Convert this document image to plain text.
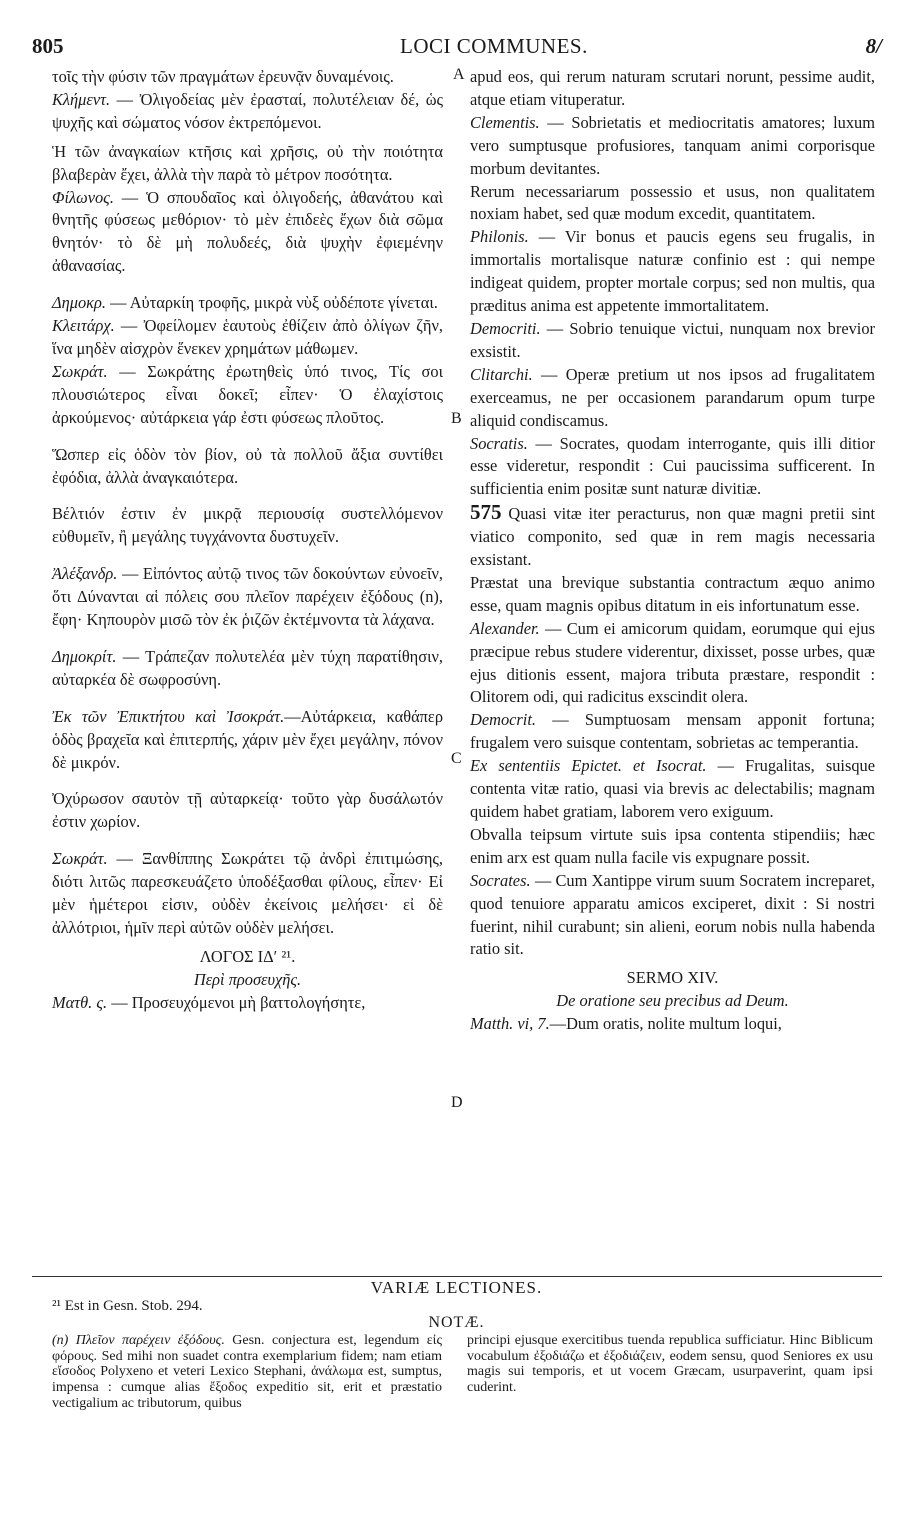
805	LOCI COMMUNES.	8/
A
B
C
D

τοῖς τὴν φύσιν τῶν πραγμάτων ἐρευνᾷν δυναμένοις.

Κλήμεντ. — Ὀλιγοδείας μὲν ἐρασταί, πολυτέλειαν δέ, ὡς ψυχῆς καὶ σώματος νόσον ἐκτρεπόμενοι.

Ἡ τῶν ἀναγκαίων κτῆσις καὶ χρῆσις, οὐ τὴν ποιότητα βλαβερὰν ἔχει, ἀλλὰ τὴν παρὰ τὸ μέτρον ποσότητα.

Φίλωνος. — Ὁ σπουδαῖος καὶ ὀλιγοδεής, ἀθανάτου καὶ θνητῆς φύσεως μεθόριον· τὸ μὲν ἐπιδεὲς ἔχων διὰ σῶμα θνητόν· τὸ δὲ μὴ πολυδεές, διὰ ψυχὴν ἐφιεμένην ἀθανασίας.

Δημοκρ. — Αὐταρκίη τροφῆς, μικρὰ νὺξ οὐδέποτε γίνεται.

Κλειτάρχ. — Ὀφείλομεν ἑαυτοὺς ἐθίζειν ἀπὸ ὀλίγων ζῆν, ἵνα μηδὲν αἰσχρὸν ἕνεκεν χρημάτων μάθωμεν.

Σωκράτ. — Σωκράτης ἐρωτηθεὶς ὑπό τινος, Τίς σοι πλουσιώτερος εἶναι δοκεῖ; εἶπεν· Ὁ ἐλαχίστοις ἀρκούμενος· αὐτάρκεια γάρ ἐστι φύσεως πλοῦτος.

Ὥσπερ εἰς ὁδὸν τὸν βίον, οὐ τὰ πολλοῦ ἄξια συντίθει ἐφόδια, ἀλλὰ ἀναγκαιότερα.

Βέλτιόν ἐστιν ἐν μικρᾷ περιουσίᾳ συστελλόμενον εὐθυμεῖν, ἢ μεγάλης τυγχάνοντα δυστυχεῖν.

Ἀλέξανδρ. — Εἰπόντος αὐτῷ τινος τῶν δοκούντων εὐνοεῖν, ὅτι Δύνανται αἱ πόλεις σου πλεῖον παρέχειν ἐξόδους (n), ἔφη· Κηπουρὸν μισῶ τὸν ἐκ ῥιζῶν ἐκτέμνοντα τὰ λάχανα.

Δημοκρίτ. — Τράπεζαν πολυτελέα μὲν τύχη παρατίθησιν, αὐταρκέα δὲ σωφροσύνη.

Ἐκ τῶν Ἐπικτήτου καὶ Ἰσοκράτ.—Αὐτάρκεια, καθάπερ ὁδὸς βραχεῖα καὶ ἐπιτερπής, χάριν μὲν ἔχει μεγάλην, πόνον δὲ μικρόν.

Ὀχύρωσον σαυτὸν τῇ αὐταρκείᾳ· τοῦτο γὰρ δυσάλωτόν ἐστιν χωρίον.

Σωκράτ. — Ξανθίππης Σωκράτει τῷ ἀνδρὶ ἐπιτιμώσης, διότι λιτῶς παρεσκευάζετο ὑποδέξασθαι φίλους, εἶπεν· Εἰ μὲν ἡμέτεροι εἰσιν, οὐδὲν ἐκείνοις μελήσει· εἰ δὲ ἀλλότριοι, ἡμῖν περὶ αὐτῶν οὐδὲν μελήσει.

ΛΟΓΟΣ ΙΔʹ ²¹.
Περὶ προσευχῆς.

Ματθ. ς. — Προσευχόμενοι μὴ βαττολογήσητε,

apud eos, qui rerum naturam scrutari norunt, pessime audit, atque etiam vituperatur.

Clementis. — Sobrietatis et mediocritatis amatores; luxum vero sumptusque profusiores, tanquam animi corporisque morbum devitantes.

Rerum necessariarum possessio et usus, non qualitatem noxiam habet, sed quæ modum excedit, quantitatem.

Philonis. — Vir bonus et paucis egens seu frugalis, in immortalis mortalisque naturæ confinio est : qui nempe indigeat quidem, propter mortale corpus; sed non multis, qua præditus anima est appetente immortalitatem.

Democriti. — Sobrio tenuique victui, nunquam nox brevior exsistit.

Clitarchi. — Operæ pretium ut nos ipsos ad frugalitatem exerceamus, ne per occasionem parandarum opum turpe aliquid condiscamus.

Socratis. — Socrates, quodam interrogante, quis illi ditior esse videretur, respondit : Cui paucissima sufficerent. In sufficientia enim positæ sunt naturæ divitiæ.

575 Quasi vitæ iter peracturus, non quæ magni pretii sint viatico componito, sed quæ in rem magis necessaria exsistant.

Præstat una brevique substantia contractum æquo animo esse, quam magnis opibus ditatum in eis infortunatum esse.

Alexander. — Cum ei amicorum quidam, eorumque qui ejus præcipue rebus studere viderentur, dixisset, posse urbes, quæ ejus ditionis essent, majora tributa præstare, respondit : Olitorem odi, qui radicitus exscindit olera.

Democrit. — Sumptuosam mensam apponit fortuna; frugalem vero suisque contentam, sobrietas ac temperantia.

Ex sententiis Epictet. et Isocrat. — Frugalitas, suisque contenta vitæ ratio, quasi via brevis ac delectabilis; magnam quidem habet gratiam, laborem vero exiguum.

Obvalla teipsum virtute suis ipsa contenta stipendiis; hæc enim arx est quam nulla facile vis expugnare possit.

Socrates. — Cum Xantippe virum suum Socratem increparet, quod tenuiore apparatu amicos exciperet, dixit : Si nostri fuerint, nihil curabunt; sin alieni, eorum nobis nulla habenda ratio sit.

SERMO XIV.
De oratione seu precibus ad Deum.

Matth. vi, 7.—Dum oratis, nolite multum loqui,

VARIÆ LECTIONES.
²¹ Est in Gesn. Stob. 294.
NOTÆ.
(n) Πλεῖον παρέχειν ἐξόδους. Gesn. conjectura est, legendum εἰς φόρους. Sed mihi non suadet contra exemplarium fidem; nam etiam εἴσοδος Polyxeno et veteri Lexico Stephani, ἀνάλωμα est, sumptus, impensa : cumque alias ἔξοδος expeditio sit, erit et præstatio vectigalium ac tributorum, quibus
principi ejusque exercitibus tuenda republica sufficiatur. Hinc Biblicum vocabulum ἐξοδιάζω et ἐξοδιάζειν, eodem sensu, quod Seniores ex usu magis sui temporis, et ut vocem Græcam, usurpaverint, quam ipsi cuderint.
